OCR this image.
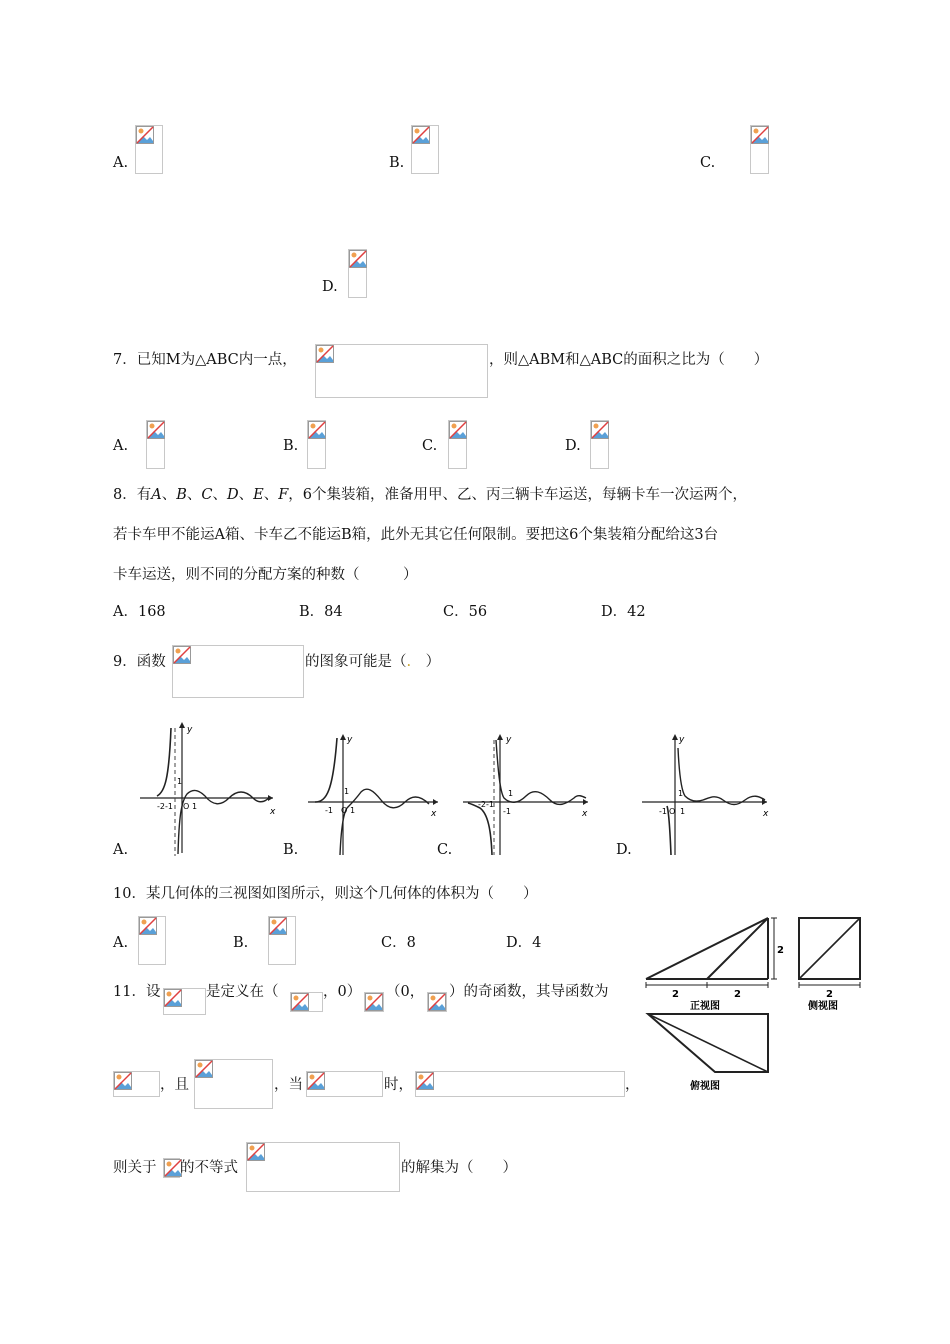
A.	B.	C.
D.
7．已知M为△ABC内一点，	，则△ABM和△ABC的面积之比为（　　）
A.	B.	C.	D.
8．有A、B、C、D、E、F，6个集装箱，准备用甲、乙、丙三辆卡车运送，每辆卡车一次运两个，
若卡车甲不能运A箱、卡车乙不能运B箱，此外无其它任何限制。要把这6个集装箱分配给这3台
卡车运送，则不同的分配方案的种数（　　　）
A．168	B．84	C．56	D．42
9．函数	的图象可能是（.　）
y
x
-2-1 O 1
1
A.
y
x
-1 O 1
1
B.
y
x
-2-1
-1
1
C.
y
x
-1 O 1
1
D.
10．某几何体的三视图如图所示，则这个几何体的体积为（　　）
A.	B.	C．8	D．4
2	2
2
正视图
2
侧视图
俯视图
11．设	是定义在（	，0） （0， ）的奇函数，其导函数为
，且	，当	时，	，
则关于 的不等式	的解集为（　　）
